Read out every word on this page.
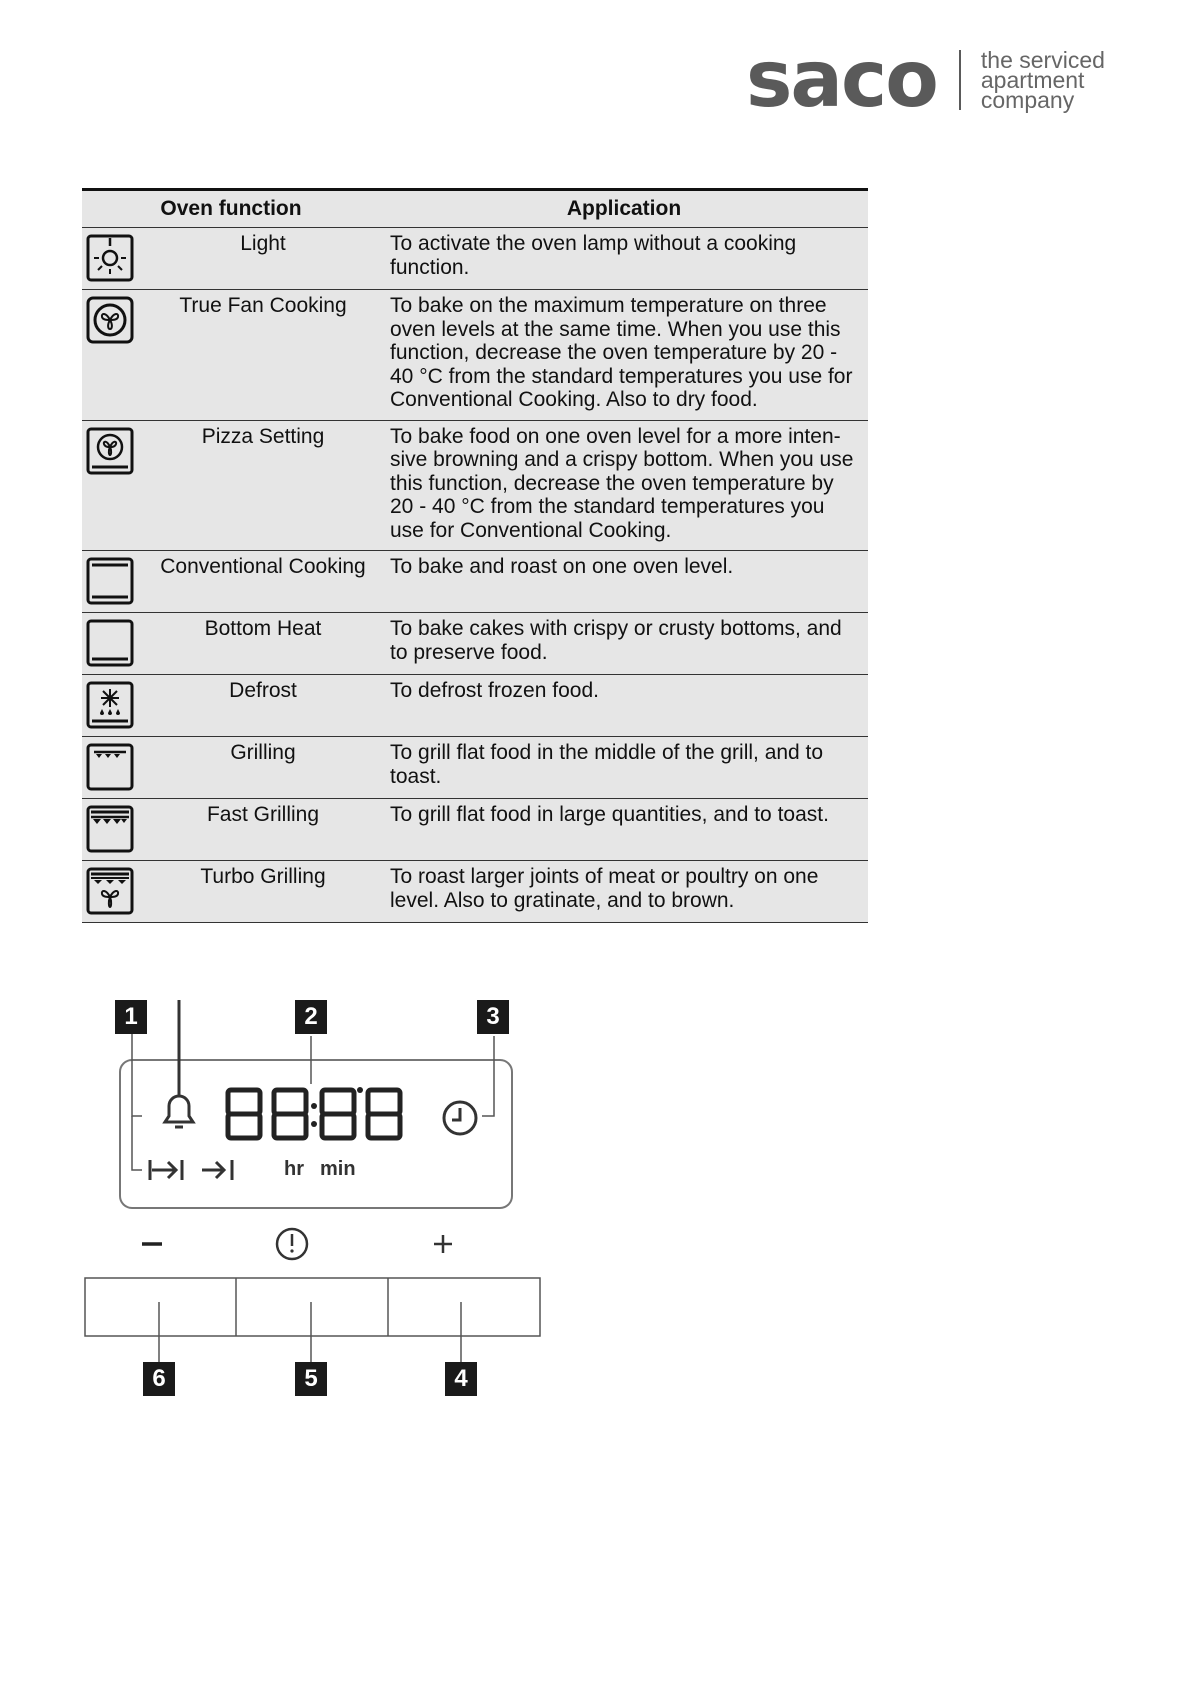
saco the serviced
apartment
company
Oven function		Application

	Light	To activate the oven lamp without a cooking function.

	True Fan Cooking	To bake on the maximum temperature on three oven levels at the same time. When you use this function, decrease the oven temperature by 20 - 40 °C from the standard temperatures you use for Conventional Cooking. Also to dry food.

	Pizza Setting	To bake food on one oven level for a more inten-sive browning and a crispy bottom. When you use this function, decrease the oven temperature by 20 - 40 °C from the standard temperatures you use for Conventional Cooking.

	Conventional Cooking	To bake and roast on one oven level.

	Bottom Heat	To bake cakes with crispy or crusty bottoms, and to preserve food.

	Defrost	To defrost frozen food.

	Grilling	To grill flat food in the middle of the grill, and to toast.

	Fast Grilling	To grill flat food in large quantities, and to toast.

	Turbo Grilling	To roast larger joints of meat or poultry on one level. Also to gratinate, and to brown.
1	2	3
6	5	4
hr min
